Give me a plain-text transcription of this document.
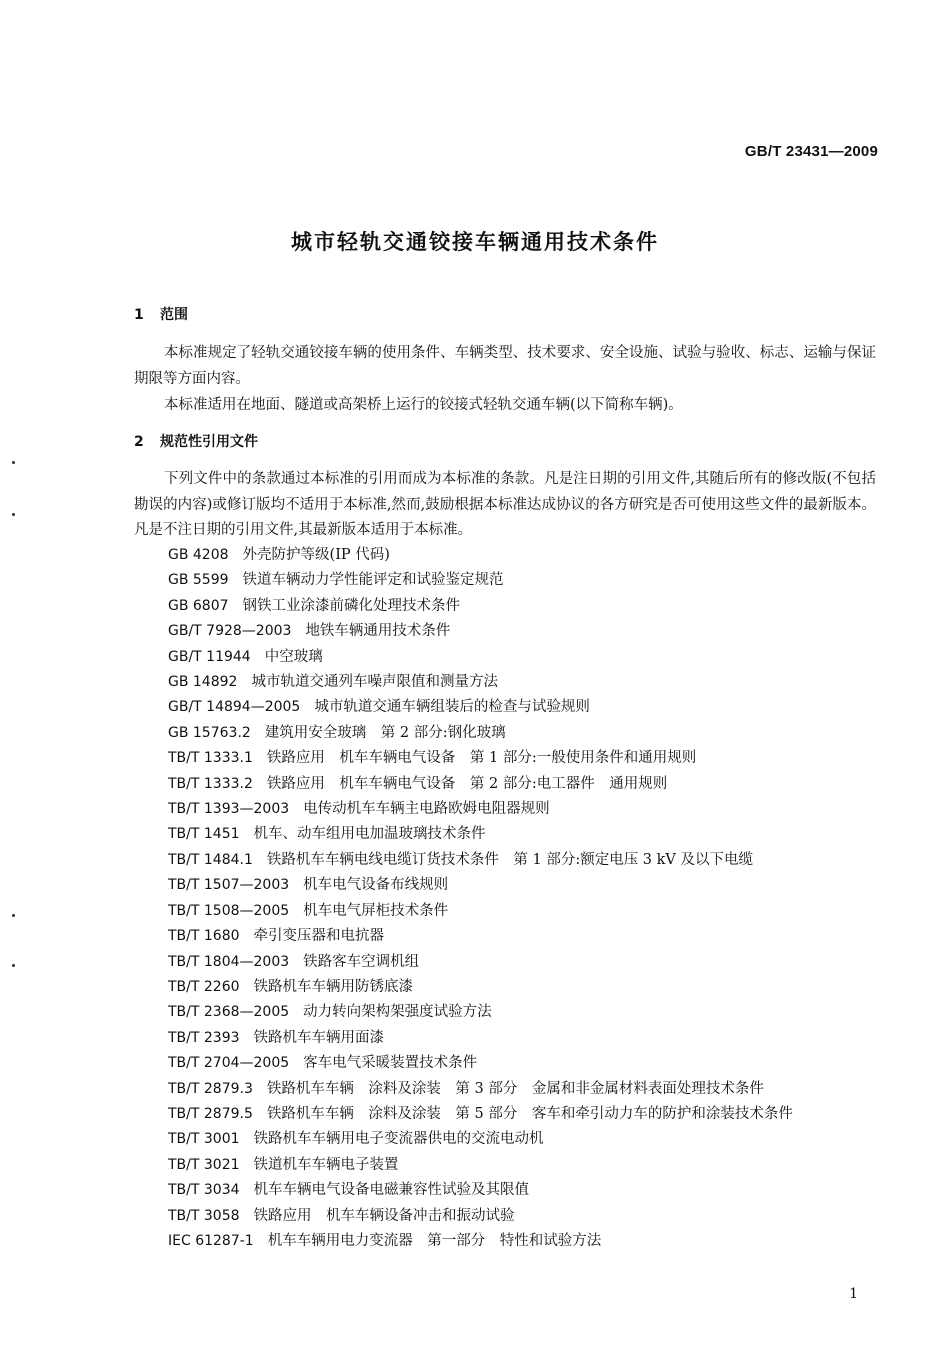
GB/T 23431—2009
城市轻轨交通铰接车辆通用技术条件
1 范围
本标准规定了轻轨交通铰接车辆的使用条件、车辆类型、技术要求、安全设施、试验与验收、标志、运输与保证期限等方面内容。
本标准适用在地面、隧道或高架桥上运行的铰接式轻轨交通车辆(以下简称车辆)。
2 规范性引用文件
下列文件中的条款通过本标准的引用而成为本标准的条款。凡是注日期的引用文件,其随后所有的修改版(不包括勘误的内容)或修订版均不适用于本标准,然而,鼓励根据本标准达成协议的各方研究是否可使用这些文件的最新版本。凡是不注日期的引用文件,其最新版本适用于本标准。
GB 4208 外壳防护等级(IP 代码)
GB 5599 铁道车辆动力学性能评定和试验鉴定规范
GB 6807 钢铁工业涂漆前磷化处理技术条件
GB/T 7928—2003 地铁车辆通用技术条件
GB/T 11944 中空玻璃
GB 14892 城市轨道交通列车噪声限值和测量方法
GB/T 14894—2005 城市轨道交通车辆组装后的检查与试验规则
GB 15763.2 建筑用安全玻璃　第 2 部分:钢化玻璃
TB/T 1333.1 铁路应用　机车车辆电气设备　第 1 部分:一般使用条件和通用规则
TB/T 1333.2 铁路应用　机车车辆电气设备　第 2 部分:电工器件　通用规则
TB/T 1393—2003 电传动机车车辆主电路欧姆电阻器规则
TB/T 1451 机车、动车组用电加温玻璃技术条件
TB/T 1484.1 铁路机车车辆电线电缆订货技术条件　第 1 部分:额定电压 3 kV 及以下电缆
TB/T 1507—2003 机车电气设备布线规则
TB/T 1508—2005 机车电气屏柜技术条件
TB/T 1680 牵引变压器和电抗器
TB/T 1804—2003 铁路客车空调机组
TB/T 2260 铁路机车车辆用防锈底漆
TB/T 2368—2005 动力转向架构架强度试验方法
TB/T 2393 铁路机车车辆用面漆
TB/T 2704—2005 客车电气采暖装置技术条件
TB/T 2879.3 铁路机车车辆　涂料及涂装　第 3 部分　金属和非金属材料表面处理技术条件
TB/T 2879.5 铁路机车车辆　涂料及涂装　第 5 部分　客车和牵引动力车的防护和涂装技术条件
TB/T 3001 铁路机车车辆用电子变流器供电的交流电动机
TB/T 3021 铁道机车车辆电子装置
TB/T 3034 机车车辆电气设备电磁兼容性试验及其限值
TB/T 3058 铁路应用　机车车辆设备冲击和振动试验
IEC 61287-1 机车车辆用电力变流器　第一部分　特性和试验方法
1
